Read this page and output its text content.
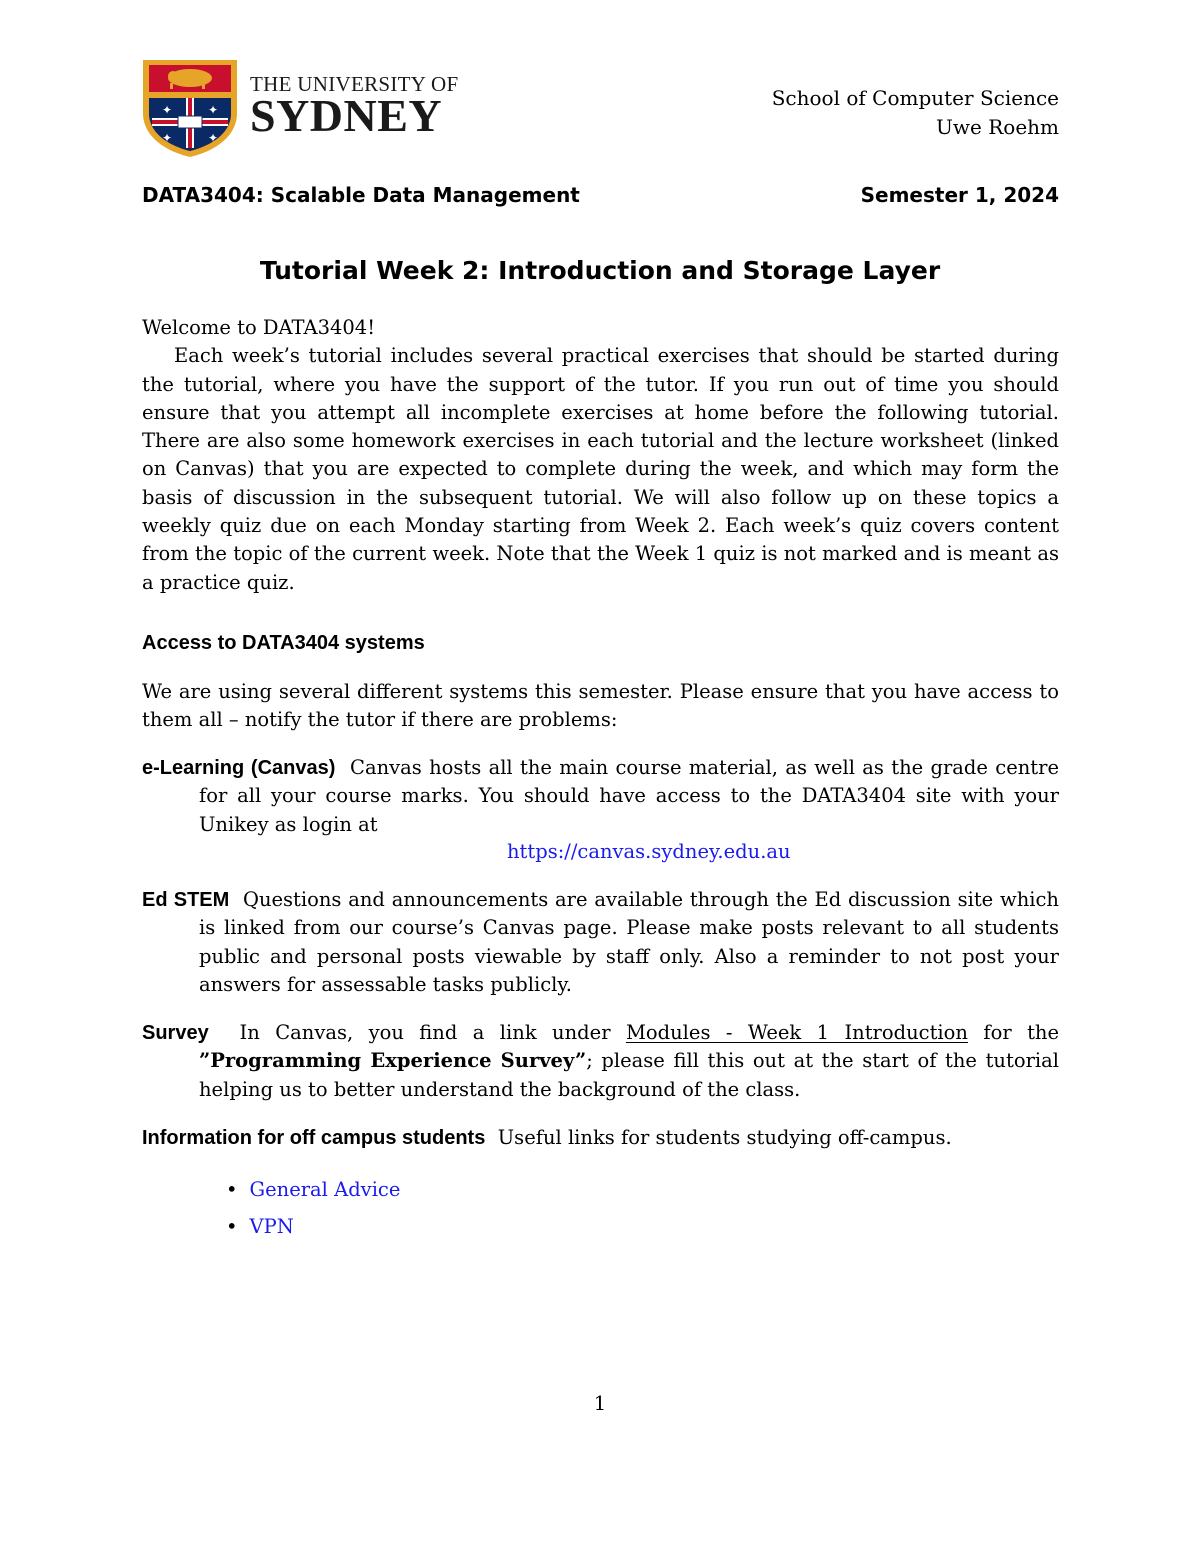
✦	✦
✦	✦
THE UNIVERSITY OF
SYDNEY	School of Computer Science
Uwe Roehm
DATA3404: Scalable Data Management	Semester 1, 2024
Tutorial Week 2: Introduction and Storage Layer

Welcome to DATA3404!

Each week’s tutorial includes several practical exercises that should be started during the tutorial, where you have the support of the tutor. If you run out of time you should ensure that you attempt all incomplete exercises at home before the following tutorial. There are also some homework exercises in each tutorial and the lecture worksheet (linked on Canvas) that you are expected to complete during the week, and which may form the basis of discussion in the subsequent tutorial. We will also follow up on these topics a weekly quiz due on each Monday starting from Week 2. Each week’s quiz covers content from the topic of the current week. Note that the Week 1 quiz is not marked and is meant as a practice quiz.

Access to DATA3404 systems

We are using several different systems this semester. Please ensure that you have access to them all – notify the tutor if there are problems:

e-Learning (Canvas) Canvas hosts all the main course material, as well as the grade centre for all your course marks. You should have access to the DATA3404 site with your Unikey as login at

https://canvas.sydney.edu.au

Ed STEM Questions and announcements are available through the Ed discussion site which is linked from our course’s Canvas page. Please make posts relevant to all students public and personal posts viewable by staff only. Also a reminder to not post your answers for assessable tasks publicly.

Survey In Canvas, you find a link under Modules - Week 1 Introduction for the ”Programming Experience Survey”; please fill this out at the start of the tutorial helping us to better understand the background of the class.

Information for off campus students Useful links for students studying off-campus.

• General Advice
• VPN
1
